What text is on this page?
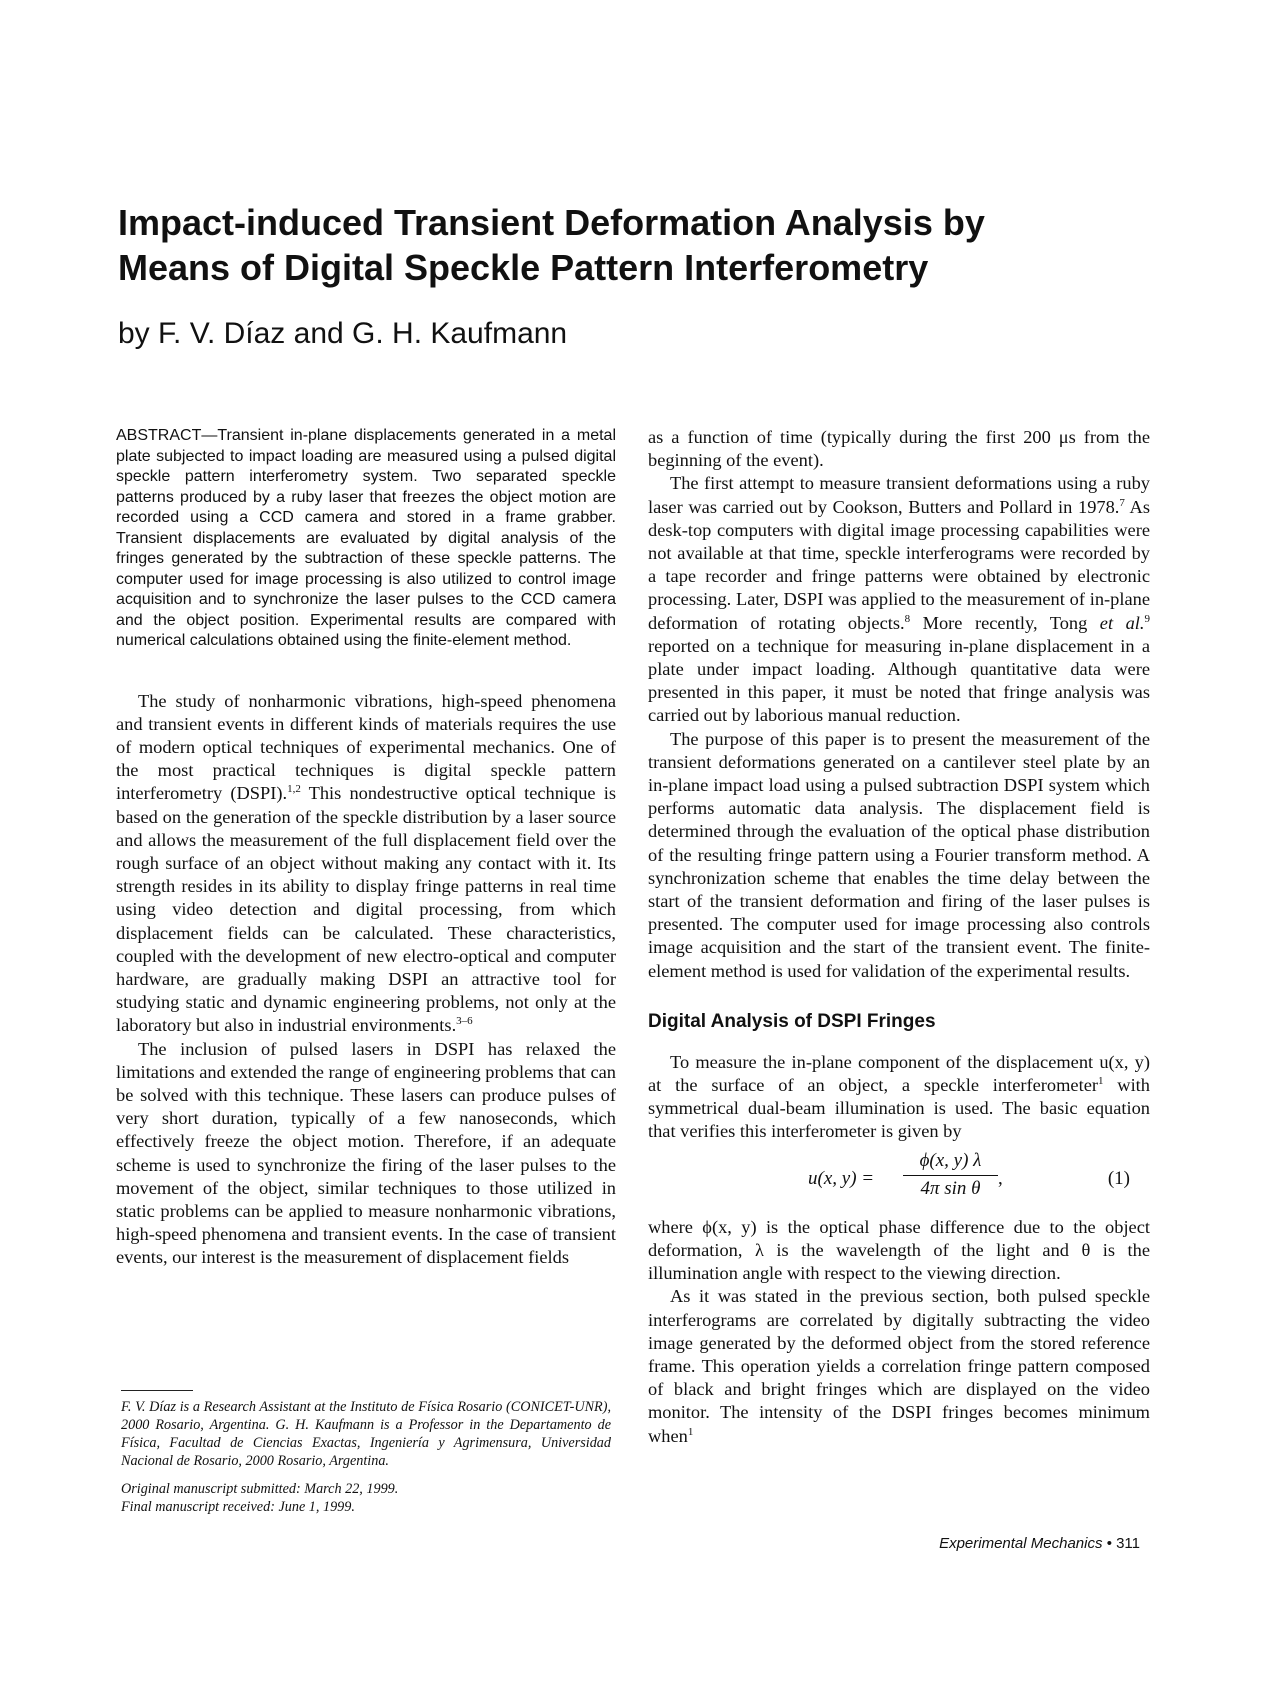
Impact-induced Transient Deformation Analysis by
Means of Digital Speckle Pattern Interferometry
by F. V. Díaz and G. H. Kaufmann

ABSTRACT—Transient in-plane displacements generated in a metal plate subjected to impact loading are measured using a pulsed digital speckle pattern interferometry system. Two separated speckle patterns produced by a ruby laser that freezes the object motion are recorded using a CCD camera and stored in a frame grabber. Transient displacements are evaluated by digital analysis of the fringes generated by the subtraction of these speckle patterns. The computer used for image processing is also utilized to control image acquisition and to synchronize the laser pulses to the CCD camera and the object position. Experimental results are compared with numerical calculations obtained using the finite-element method.

The study of nonharmonic vibrations, high-speed phenomena and transient events in different kinds of materials requires the use of modern optical techniques of experimental mechanics. One of the most practical techniques is digital speckle pattern interferometry (DSPI).$^{1,2}$ This nondestructive optical technique is based on the generation of the speckle distribution by a laser source and allows the measurement of the full displacement field over the rough surface of an object without making any contact with it. Its strength resides in its ability to display fringe patterns in real time using video detection and digital processing, from which displacement fields can be calculated. These characteristics, coupled with the development of new electro-optical and computer hardware, are gradually making DSPI an attractive tool for studying static and dynamic engineering problems, not only at the laboratory but also in industrial environments.$^{3-6}$

The inclusion of pulsed lasers in DSPI has relaxed the limitations and extended the range of engineering problems that can be solved with this technique. These lasers can produce pulses of very short duration, typically of a few nanoseconds, which effectively freeze the object motion. Therefore, if an adequate scheme is used to synchronize the firing of the laser pulses to the movement of the object, similar techniques to those utilized in static problems can be applied to measure nonharmonic vibrations, high-speed phenomena and transient events. In the case of transient events, our interest is the measurement of displacement fields

as a function of time (typically during the first 200 μs from the beginning of the event).

The first attempt to measure transient deformations using a ruby laser was carried out by Cookson, Butters and Pollard in 1978.$^7$ As desk-top computers with digital image processing capabilities were not available at that time, speckle interferograms were recorded by a tape recorder and fringe patterns were obtained by electronic processing. Later, DSPI was applied to the measurement of in-plane deformation of rotating objects.$^8$ More recently, Tong et al.$^9$ reported on a technique for measuring in-plane displacement in a plate under impact loading. Although quantitative data were presented in this paper, it must be noted that fringe analysis was carried out by laborious manual reduction.

The purpose of this paper is to present the measurement of the transient deformations generated on a cantilever steel plate by an in-plane impact load using a pulsed subtraction DSPI system which performs automatic data analysis. The displacement field is determined through the evaluation of the optical phase distribution of the resulting fringe pattern using a Fourier transform method. A synchronization scheme that enables the time delay between the start of the transient deformation and firing of the laser pulses is presented. The computer used for image processing also controls image acquisition and the start of the transient event. The finite-element method is used for validation of the experimental results.

Digital Analysis of DSPI Fringes

To measure the in-plane component of the displacement u(x, y) at the surface of an object, a speckle interferometer$^1$ with symmetrical dual-beam illumination is used. The basic equation that verifies this interferometer is given by

u(x, $y) = \frac{\phi(x, y) \lambda}{\text{4π sin θ}}$ ,	(1)

where ϕ(x, y) is the optical phase difference due to the object deformation, λ is the wavelength of the light and θ is the illumination angle with respect to the viewing direction.

As it was stated in the previous section, both pulsed speckle interferograms are correlated by digitally subtracting the video image generated by the deformed object from the stored reference frame. This operation yields a correlation fringe pattern composed of black and bright fringes which are displayed on the video monitor. The intensity of the DSPI fringes becomes minimum when$^1$

F. V. Díaz is a Research Assistant at the Instituto de Física Rosario (CONICET-UNR), 2000 Rosario, Argentina. G. H. Kaufmann is a Professor in the Departamento de Física, Facultad de Ciencias Exactas, Ingeniería y Agrimensura, Universidad Nacional de Rosario, 2000 Rosario, Argentina.

Original manuscript submitted: March 22, 1999.
Final manuscript received: June 1, 1999.

Experimental Mechanics • 311
